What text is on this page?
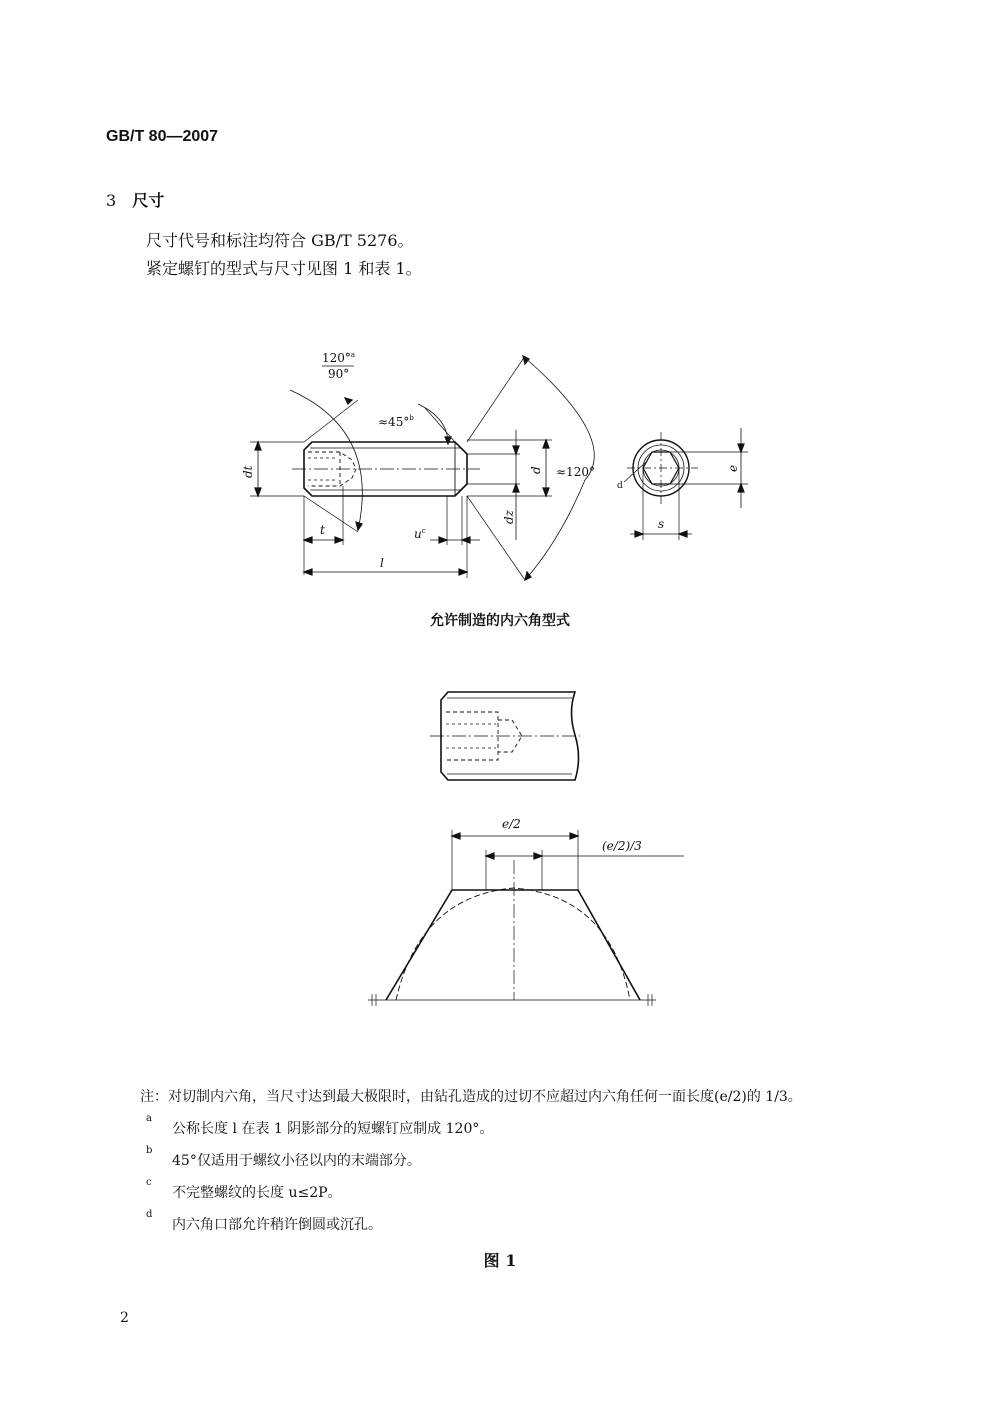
GB/T 80—2007
3 尺寸
尺寸代号和标注均符合 GB/T 5276。
紧定螺钉的型式与尺寸见图 1 和表 1。
120°$^a$
90°
≈45°$^b$
≈120°
dt	d
dz
t	$u^c$
l
e
s
d
e/2
(e/2)/3
允许制造的内六角型式
注：对切制内六角，当尺寸达到最大极限时，由钻孔造成的过切不应超过内六角任何一面长度(e/2)的 1/3。
a
公称长度 l 在表 1 阴影部分的短螺钉应制成 120°。
b
45°仅适用于螺纹小径以内的末端部分。
c
不完整螺纹的长度 u≤2P。
d
内六角口部允许稍许倒圆或沉孔。
图 1
2
